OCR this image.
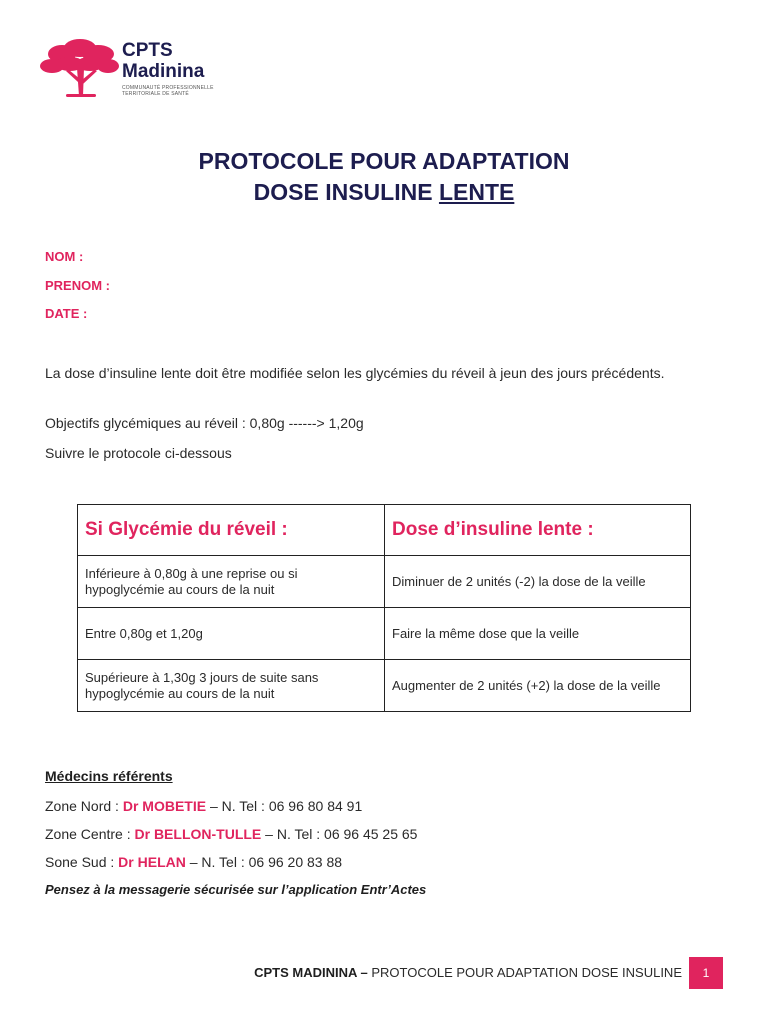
CPTS
Madinina
COMMUNAUTÉ PROFESSIONNELLE
TERRITORIALE DE SANTÉ
PROTOCOLE POUR ADAPTATION
DOSE INSULINE LENTE
NOM :
PRENOM :
DATE :
La dose d’insuline lente doit être modifiée selon les glycémies du réveil à jeun des jours précédents.
Objectifs glycémiques au réveil : 0,80g ------> 1,20g
Suivre le protocole ci-dessous
Si Glycémie du réveil :	Dose d’insuline lente :
Inférieure à 0,80g à une reprise ou si hypoglycémie au cours de la nuit	Diminuer de 2 unités (-2) la dose de la veille
Entre 0,80g et 1,20g	Faire la même dose que la veille
Supérieure à 1,30g 3 jours de suite sans hypoglycémie au cours de la nuit	Augmenter de 2 unités (+2) la dose de la veille
Médecins référents
Zone Nord : Dr MOBETIE – N. Tel : 06 96 80 84 91
Zone Centre : Dr BELLON-TULLE – N. Tel : 06 96 45 25 65
Sone Sud : Dr HELAN – N. Tel : 06 96 20 83 88
Pensez à la messagerie sécurisée sur l’application Entr’Actes
CPTS MADININA – PROTOCOLE POUR ADAPTATION DOSE INSULINE	1
